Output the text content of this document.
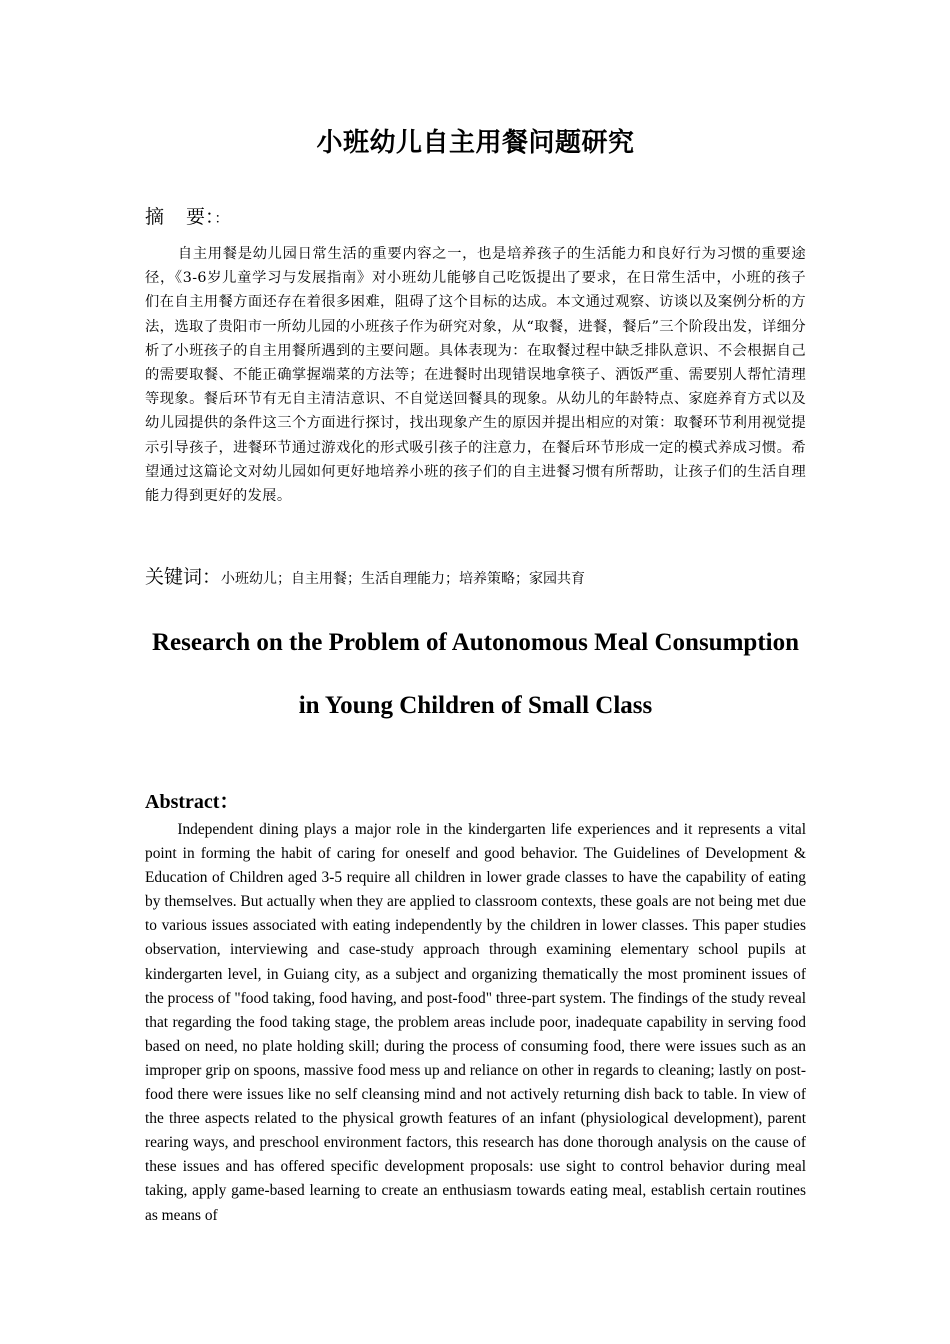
小班幼儿自主用餐问题研究
摘 要：：
自主用餐是幼儿园日常生活的重要内容之一，也是培养孩子的生活能力和良好行为习惯的重要途径，《3-6岁儿童学习与发展指南》对小班幼儿能够自己吃饭提出了要求，在日常生活中，小班的孩子们在自主用餐方面还存在着很多困难，阻碍了这个目标的达成。本文通过观察、访谈以及案例分析的方法，选取了贵阳市一所幼儿园的小班孩子作为研究对象，从“取餐，进餐，餐后”三个阶段出发，详细分析了小班孩子的自主用餐所遇到的主要问题。具体表现为：在取餐过程中缺乏排队意识、不会根据自己的需要取餐、不能正确掌握端菜的方法等；在进餐时出现错误地拿筷子、洒饭严重、需要别人帮忙清理等现象。餐后环节有无自主清洁意识、不自觉送回餐具的现象。从幼儿的年龄特点、家庭养育方式以及幼儿园提供的条件这三个方面进行探讨，找出现象产生的原因并提出相应的对策：取餐环节利用视觉提示引导孩子，进餐环节通过游戏化的形式吸引孩子的注意力，在餐后环节形成一定的模式养成习惯。希望通过这篇论文对幼儿园如何更好地培养小班的孩子们的自主进餐习惯有所帮助，让孩子们的生活自理能力得到更好的发展。
关键词：小班幼儿；自主用餐；生活自理能力；培养策略；家园共育
Research on the Problem of Autonomous Meal Consumption
in Young Children of Small Class
Abstract：
Independent dining plays a major role in the kindergarten life experiences and it represents a vital point in forming the habit of caring for oneself and good behavior. The Guidelines of Development & Education of Children aged 3-5 require all children in lower grade classes to have the capability of eating by themselves. But actually when they are applied to classroom contexts, these goals are not being met due to various issues associated with eating independently by the children in lower classes. This paper studies observation, interviewing and case-study approach through examining elementary school pupils at kindergarten level, in Guiang city, as a subject and organizing thematically the most prominent issues of the process of "food taking, food having, and post-food" three-part system. The findings of the study reveal that regarding the food taking stage, the problem areas include poor, inadequate capability in serving food based on need, no plate holding skill; during the process of consuming food, there were issues such as an improper grip on spoons, massive food mess up and reliance on other in regards to cleaning; lastly on post-food there were issues like no self cleansing mind and not actively returning dish back to table. In view of the three aspects related to the physical growth features of an infant (physiological development), parent rearing ways, and preschool environment factors, this research has done thorough analysis on the cause of these issues and has offered specific development proposals: use sight to control behavior during meal taking, apply game-based learning to create an enthusiasm towards eating meal, establish certain routines as means of
